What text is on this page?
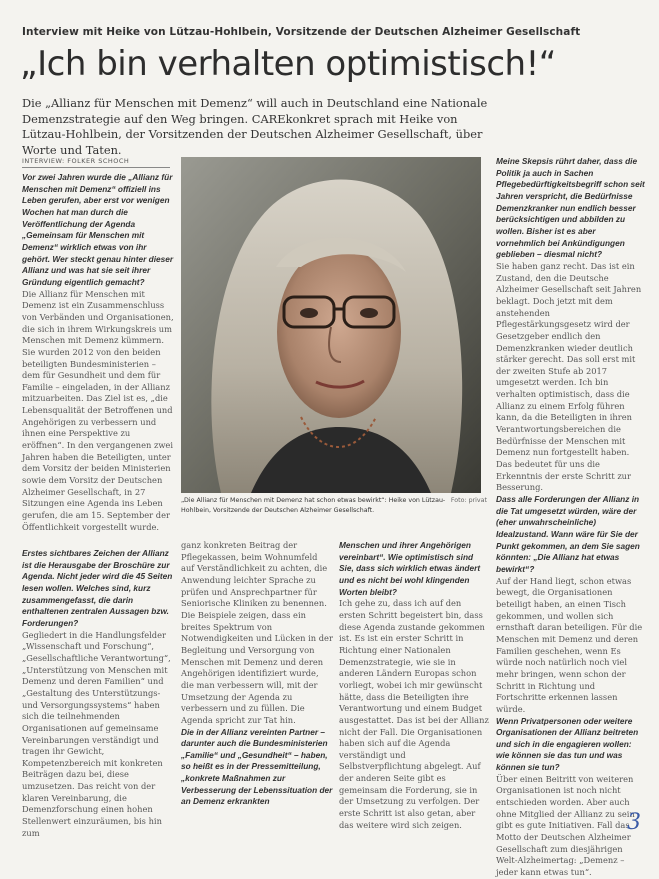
Interview mit Heike von Lützau-Hohlbein, Vorsitzende der Deutschen Alzheimer Gesellschaft
„Ich bin verhalten optimistisch!“
Die „Allianz für Menschen mit Demenz“ will auch in Deutschland eine Nationale Demenzstrategie auf den Weg bringen. CAREkonkret sprach mit Heike von Lützau-Hohlbein, der Vorsitzenden der Deutschen Alzheimer Gesellschaft, über Worte und Taten.
INTERVIEW: FOLKER SCHOCH

Vor zwei Jahren wurde die „Allianz für Menschen mit Demenz“ offiziell ins Leben gerufen, aber erst vor wenigen Wochen hat man durch die Veröffentlichung der Agenda „Gemeinsam für Menschen mit Demenz“ wirklich etwas von ihr gehört. Wer steckt genau hinter dieser Allianz und was hat sie seit ihrer Gründung eigentlich gemacht?

Die Allianz für Menschen mit Demenz ist ein Zusammenschluss von Verbänden und Organisationen, die sich in ihrem Wirkungskreis um Menschen mit Demenz kümmern. Sie wurden 2012 von den beiden beteiligten Bundesministerien – dem für Gesundheit und dem für Familie – eingeladen, in der Allianz mitzuarbeiten. Das Ziel ist es, „die Lebensqualität der Betroffenen und Angehörigen zu verbessern und ihnen eine Perspektive zu eröffnen“. In den vergangenen zwei Jahren haben die Beteiligten, unter dem Vorsitz der beiden Ministerien sowie dem Vorsitz der Deutschen Alzheimer Gesellschaft, in 27 Sitzungen eine Agenda ins Leben gerufen, die am 15. September der Öffentlichkeit vorgestellt wurde.

Erstes sichtbares Zeichen der Allianz ist die Herausgabe der Broschüre zur Agenda. Nicht jeder wird die 45 Seiten lesen wollen. Welches sind, kurz zusammengefasst, die darin enthaltenen zentralen Aussagen bzw. Forderungen?

Gegliedert in die Handlungsfelder „Wissenschaft und Forschung“, „Gesellschaftliche Verantwortung“, „Unterstützung von Menschen mit Demenz und deren Familien“ und „Gestaltung des Unterstützungs- und Versorgungssystems“ haben sich die teilnehmenden Organisationen auf gemeinsame Vereinbarungen verständigt und tragen ihr Gewicht, Kompetenzbereich mit konkreten Beiträgen dazu bei, diese umzusetzen. Das reicht von der klaren Vereinbarung, die Demenzforschung einen hohen Stellenwert einzuräumen, bis hin zum

Foto: privat
„Die Allianz für Menschen mit Demenz hat schon etwas bewirkt“: Heike von Lützau-Hohlbein, Vorsitzende der Deutschen Alzheimer Gesellschaft.

ganz konkreten Beitrag der Pflegekassen, beim Wohnumfeld auf Verständlichkeit zu achten, die Anwendung leichter Sprache zu prüfen und Ansprechpartner für Seniorische Kliniken zu benennen. Die Beispiele zeigen, dass ein breites Spektrum von Notwendigkeiten und Lücken in der Begleitung und Versorgung von Menschen mit Demenz und deren Angehörigen identifiziert wurde, die man verbessern will, mit der Umsetzung der Agenda zu verbessern und zu füllen. Die Agenda spricht zur Tat hin.

Die in der Allianz vereinten Partner – darunter auch die Bundesministerien „Familie“ und „Gesundheit“ – haben, so heißt es in der Pressemitteilung, „konkrete Maßnahmen zur Verbesserung der Lebenssituation der an Demenz erkrankten

Menschen und ihrer Angehörigen vereinbart“. Wie optimistisch sind Sie, dass sich wirklich etwas ändert und es nicht bei wohl klingenden Worten bleibt?

Ich gehe zu, dass ich auf den ersten Schritt begeistert bin, dass diese Agenda zustande gekommen ist. Es ist ein erster Schritt in Richtung einer Nationalen Demenzstrategie, wie sie in anderen Ländern Europas schon vorliegt, wobei ich mir gewünscht hätte, dass die Beteiligten ihre Verantwortung und einem Budget ausgestattet. Das ist bei der Allianz nicht der Fall. Die Organisationen haben sich auf die Agenda verständigt und Selbstverpflichtung abgelegt. Auf der anderen Seite gibt es gemeinsam die Forderung, sie in der Umsetzung zu verfolgen. Der erste Schritt ist also getan, aber das weitere wird sich zeigen.

Meine Skepsis rührt daher, dass die Politik ja auch in Sachen Pflegebedürftigkeitsbegriff schon seit Jahren verspricht, die Bedürfnisse Demenzkranker nun endlich besser berücksichtigen und abbilden zu wollen. Bisher ist es aber vornehmlich bei Ankündigungen geblieben – diesmal nicht?

Sie haben ganz recht. Das ist ein Zustand, den die Deutsche Alzheimer Gesellschaft seit Jahren beklagt. Doch jetzt mit dem anstehenden Pflegestärkungsgesetz wird der Gesetzgeber endlich den Demenzkranken wieder deutlich stärker gerecht. Das soll erst mit der zweiten Stufe ab 2017 umgesetzt werden. Ich bin verhalten optimistisch, dass die Allianz zu einem Erfolg führen kann, da die Beteiligten in ihren Verantwortungsbereichen die Bedürfnisse der Menschen mit Demenz nun fortgestellt haben. Das bedeutet für uns die Erkenntnis der erste Schritt zur Besserung.

Dass alle Forderungen der Allianz in die Tat umgesetzt würden, wäre der (eher unwahrscheinliche) Idealzustand. Wann wäre für Sie der Punkt gekommen, an dem Sie sagen könnten: „Die Allianz hat etwas bewirkt“?

Auf der Hand liegt, schon etwas bewegt, die Organisationen beteiligt haben, an einen Tisch gekommen, und wollen sich ernsthaft daran beteiligen. Für die Menschen mit Demenz und deren Familien geschehen, wenn Es würde noch natürlich noch viel mehr bringen, wenn schon der Schritt in Richtung und Fortschritte erkennen lassen würde.

Wenn Privatpersonen oder weitere Organisationen der Allianz beitreten und sich in die engagieren wollen: wie können sie das tun und was können sie tun?

Über einen Beitritt von weiteren Organisationen ist noch nicht entschieden worden. Aber auch ohne Mitglied der Allianz zu sein gibt es gute Initiativen. Fall das Motto der Deutschen Alzheimer Gesellschaft zum diesjährigen Welt-Alzheimertag: „Demenz – jeder kann etwas tun“.

3
